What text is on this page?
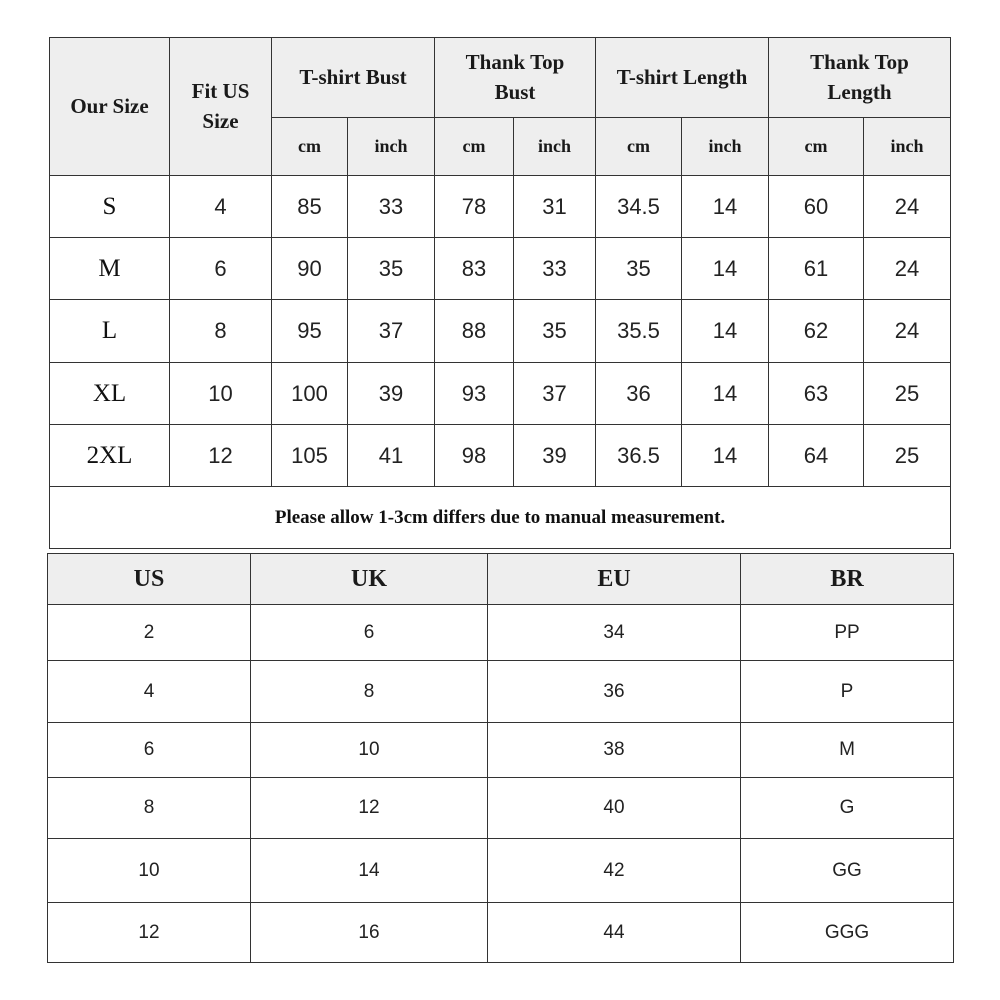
Our Size	Fit US Size	T-shirt Bust		Thank Top Bust		T-shirt Length		Thank Top Length	
		cm	inch	cm	inch	cm	inch	cm	inch
S	4	85	33	78	31	34.5	14	60	24
M	6	90	35	83	33	35	14	61	24
L	8	95	37	88	35	35.5	14	62	24
XL	10	100	39	93	37	36	14	63	25
2XL	12	105	41	98	39	36.5	14	64	25
Please allow 1-3cm differs due to manual measurement.									
US	UK	EU	BR
2	6	34	PP
4	8	36	P
6	10	38	M
8	12	40	G
10	14	42	GG
12	16	44	GGG
